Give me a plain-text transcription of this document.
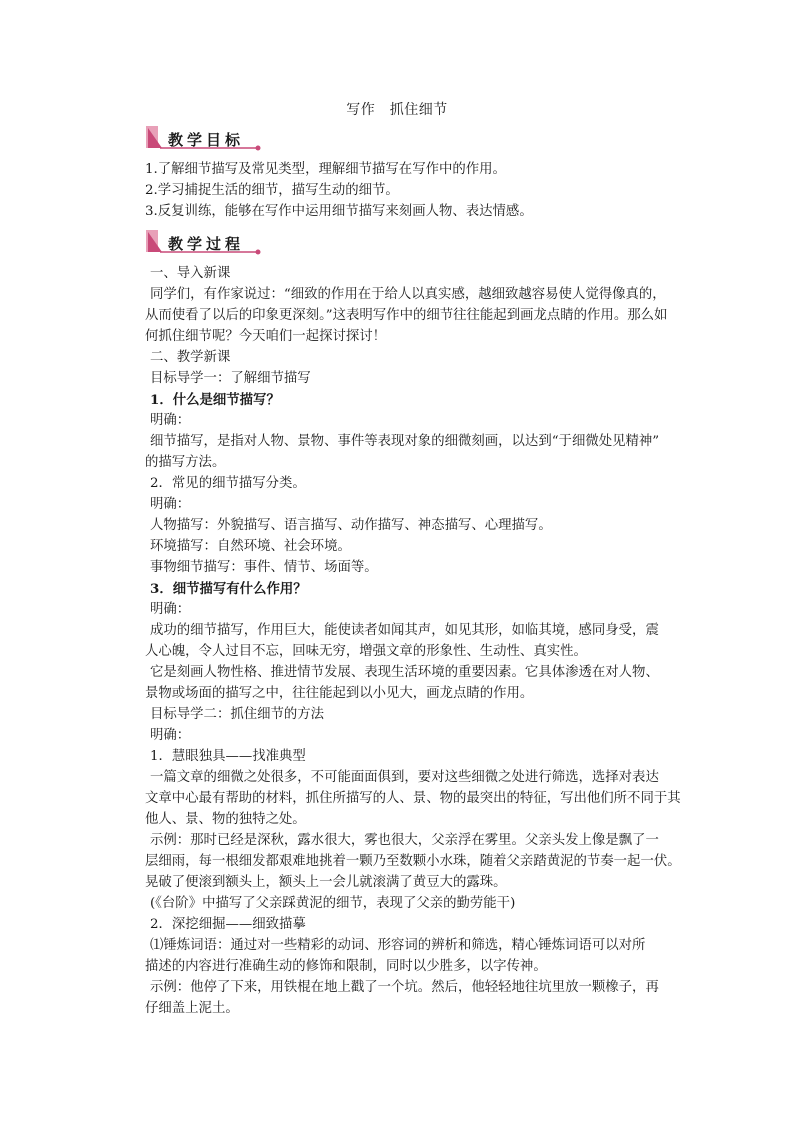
写作　抓住细节
教学目标
1.了解细节描写及常见类型，理解细节描写在写作中的作用。
2.学习捕捉生活的细节，描写生动的细节。
3.反复训练，能够在写作中运用细节描写来刻画人物、表达情感。
教学过程
一、导入新课
同学们，有作家说过：“细致的作用在于给人以真实感，越细致越容易使人觉得像真的，
从而使看了以后的印象更深刻。”这表明写作中的细节往往能起到画龙点睛的作用。那么如
何抓住细节呢？今天咱们一起探讨探讨！
二、教学新课
目标导学一：了解细节描写
1．什么是细节描写？
明确：
细节描写，是指对人物、景物、事件等表现对象的细微刻画，以达到“于细微处见精神”
的描写方法。
2．常见的细节描写分类。
明确：
人物描写：外貌描写、语言描写、动作描写、神态描写、心理描写。
环境描写：自然环境、社会环境。
事物细节描写：事件、情节、场面等。
3．细节描写有什么作用？
明确：
成功的细节描写，作用巨大，能使读者如闻其声，如见其形，如临其境，感同身受，震
人心魄，令人过目不忘，回味无穷，增强文章的形象性、生动性、真实性。
它是刻画人物性格、推进情节发展、表现生活环境的重要因素。它具体渗透在对人物、
景物或场面的描写之中，往往能起到以小见大，画龙点睛的作用。
目标导学二：抓住细节的方法
明确：
1．慧眼独具——找准典型
一篇文章的细微之处很多，不可能面面俱到，要对这些细微之处进行筛选，选择对表达
文章中心最有帮助的材料，抓住所描写的人、景、物的最突出的特征，写出他们所不同于其
他人、景、物的独特之处。
示例：那时已经是深秋，露水很大，雾也很大，父亲浮在雾里。父亲头发上像是飘了一
层细雨，每一根细发都艰难地挑着一颗乃至数颗小水珠，随着父亲踏黄泥的节奏一起一伏。
晃破了便滚到额头上，额头上一会儿就滚满了黄豆大的露珠。
(《台阶》中描写了父亲踩黄泥的细节，表现了父亲的勤劳能干)
2．深挖细掘——细致描摹
⑴锤炼词语：通过对一些精彩的动词、形容词的辨析和筛选，精心锤炼词语可以对所
描述的内容进行准确生动的修饰和限制，同时以少胜多，以字传神。
示例：他停了下来，用铁棍在地上戳了一个坑。然后，他轻轻地往坑里放一颗橡子，再
仔细盖上泥土。
